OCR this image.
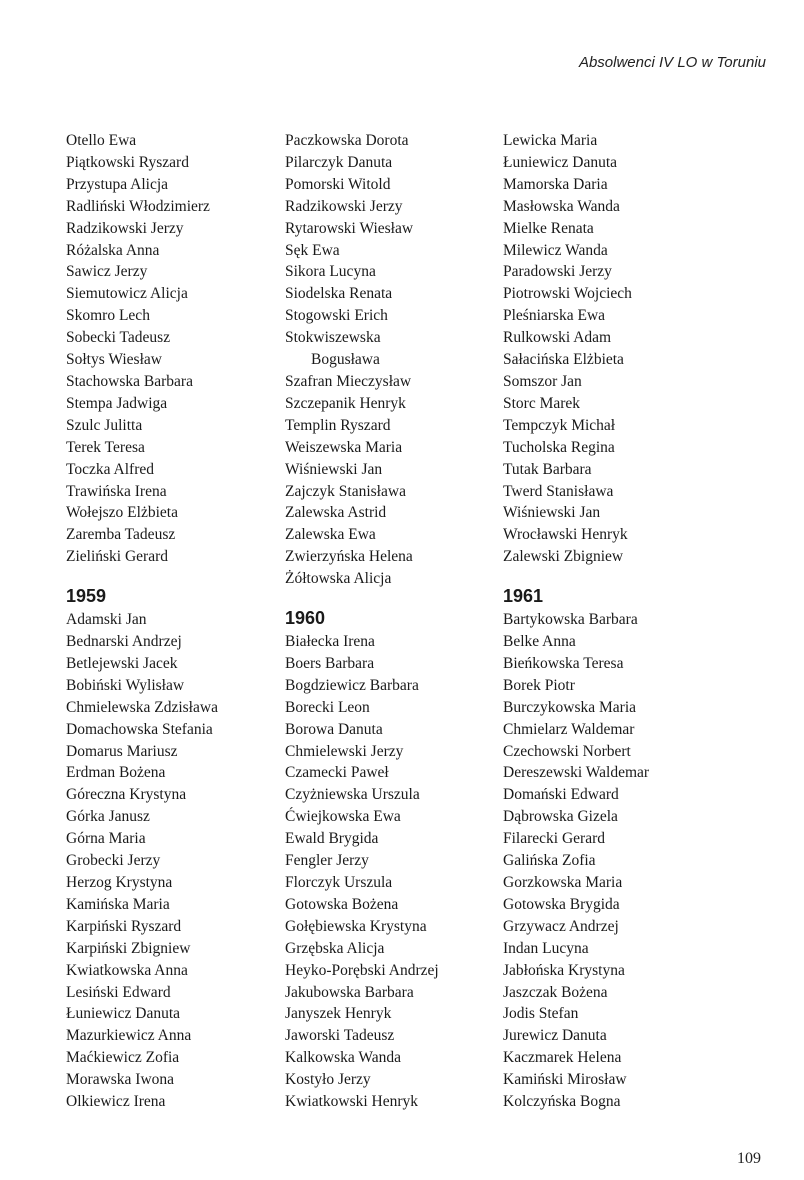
Absolwenci IV LO w Toruniu
Otello Ewa
Piątkowski Ryszard
Przystupa Alicja
Radliński Włodzimierz
Radzikowski Jerzy
Różalska Anna
Sawicz Jerzy
Siemutowicz Alicja
Skomro Lech
Sobecki Tadeusz
Sołtys Wiesław
Stachowska Barbara
Stempa Jadwiga
Szulc Julitta
Terek Teresa
Toczka Alfred
Trawińska Irena
Wołejszo Elżbieta
Zaremba Tadeusz
Zieliński Gerard
1959
Adamski Jan
Bednarski Andrzej
Betlejewski Jacek
Bobiński Wylisław
Chmielewska Zdzisława
Domachowska Stefania
Domarus Mariusz
Erdman Bożena
Góreczna Krystyna
Górka Janusz
Górna Maria
Grobecki Jerzy
Herzog Krystyna
Kamińska Maria
Karpiński Ryszard
Karpiński Zbigniew
Kwiatkowska Anna
Lesiński Edward
Łuniewicz Danuta
Mazurkiewicz Anna
Maćkiewicz Zofia
Morawska Iwona
Olkiewicz Irena
Paczkowska Dorota
Pilarczyk Danuta
Pomorski Witold
Radzikowski Jerzy
Rytarowski Wiesław
Sęk Ewa
Sikora Lucyna
Siodelska Renata
Stogowski Erich
Stokwiszewska
Bogusława
Szafran Mieczysław
Szczepanik Henryk
Templin Ryszard
Weiszewska Maria
Wiśniewski Jan
Zajczyk Stanisława
Zalewska Astrid
Zalewska Ewa
Zwierzyńska Helena
Żółtowska Alicja
1960
Białecka Irena
Boers Barbara
Bogdziewicz Barbara
Borecki Leon
Borowa Danuta
Chmielewski Jerzy
Czamecki Paweł
Czyżniewska Urszula
Ćwiejkowska Ewa
Ewald Brygida
Fengler Jerzy
Florczyk Urszula
Gotowska Bożena
Gołębiewska Krystyna
Grzębska Alicja
Heyko-Porębski Andrzej
Jakubowska Barbara
Janyszek Henryk
Jaworski Tadeusz
Kalkowska Wanda
Kostyło Jerzy
Kwiatkowski Henryk
Lewicka Maria
Łuniewicz Danuta
Mamorska Daria
Masłowska Wanda
Mielke Renata
Milewicz Wanda
Paradowski Jerzy
Piotrowski Wojciech
Pleśniarska Ewa
Rulkowski Adam
Sałacińska Elżbieta
Somszor Jan
Storc Marek
Tempczyk Michał
Tucholska Regina
Tutak Barbara
Twerd Stanisława
Wiśniewski Jan
Wrocławski Henryk
Zalewski Zbigniew
1961
Bartykowska Barbara
Belke Anna
Bieńkowska Teresa
Borek Piotr
Burczykowska Maria
Chmielarz Waldemar
Czechowski Norbert
Dereszewski Waldemar
Domański Edward
Dąbrowska Gizela
Filarecki Gerard
Galińska Zofia
Gorzkowska Maria
Gotowska Brygida
Grzywacz Andrzej
Indan Lucyna
Jabłońska Krystyna
Jaszczak Bożena
Jodis Stefan
Jurewicz Danuta
Kaczmarek Helena
Kamiński Mirosław
Kolczyńska Bogna
109
